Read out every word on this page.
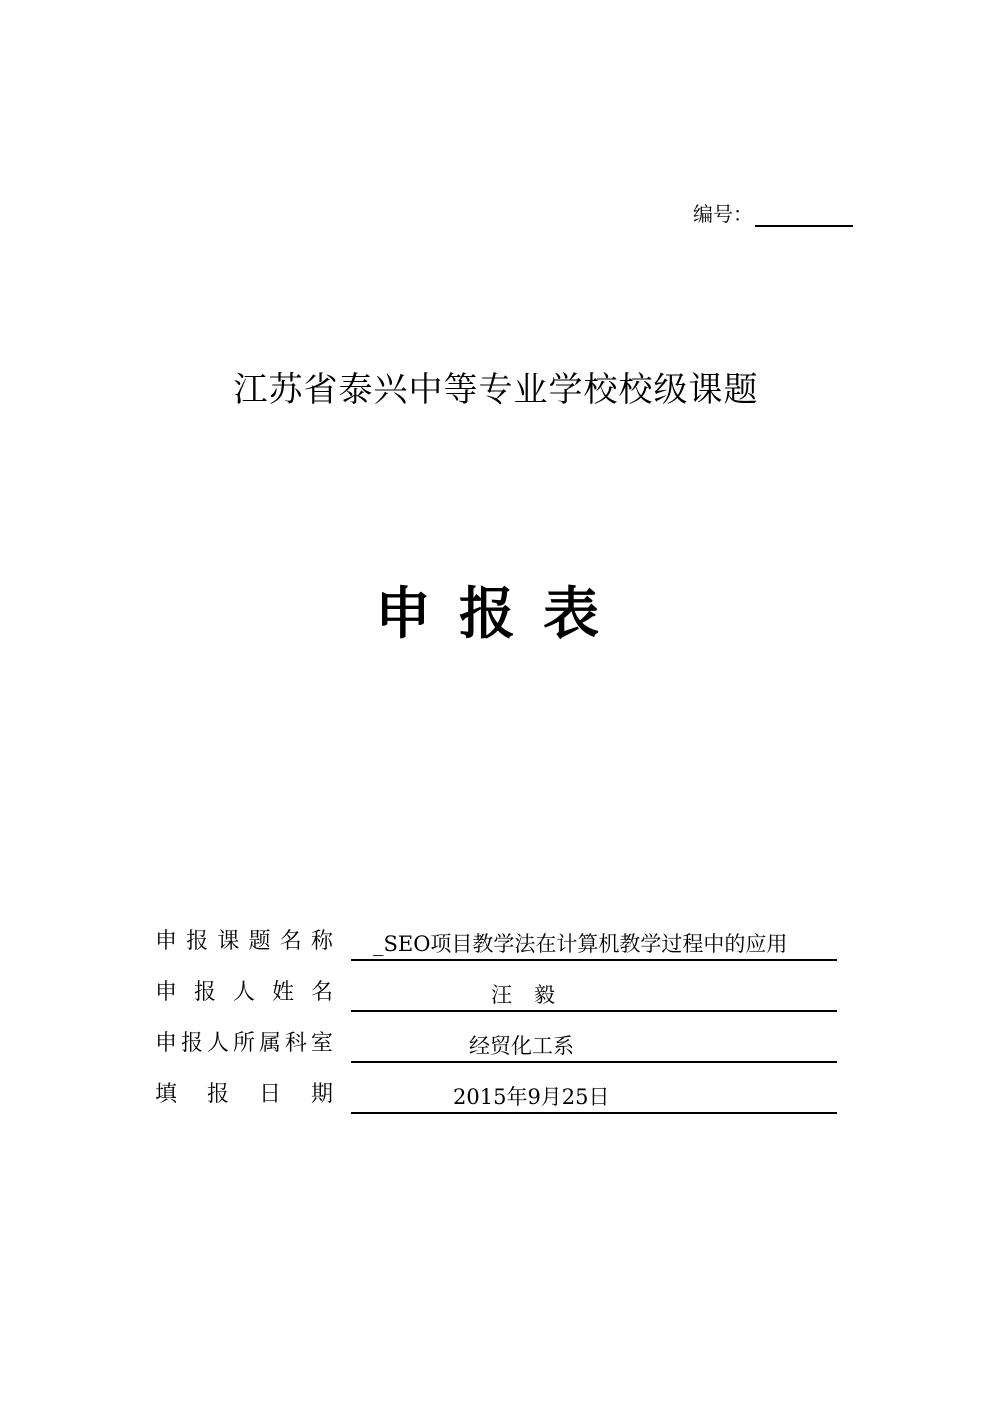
编号：
江苏省泰兴中等专业学校校级课题
申报表
申 报 课 题 名 称	_SEO项目教学法在计算机教学过程中的应用
申 报 人 姓 名	汪毅
申 报 人 所 属 科 室	经贸化工系
填 报 日 期	2015年9月25日
